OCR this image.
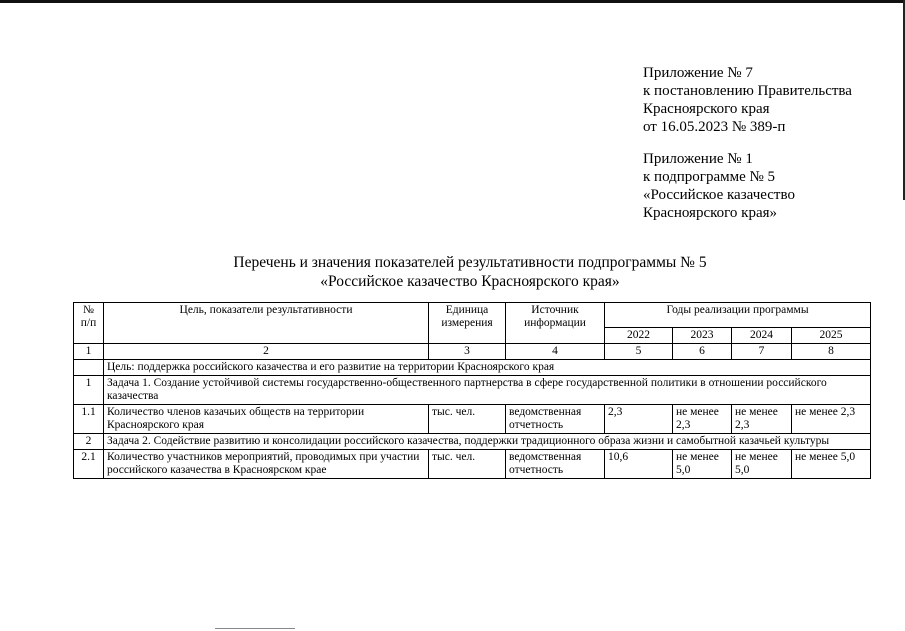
Приложение № 7
к постановлению Правительства
Красноярского края
от 16.05.2023 № 389-п
Приложение № 1
к подпрограмме № 5
«Российское казачество
Красноярского края»
Перечень и значения показателей результативности подпрограммы № 5
«Российское казачество Красноярского края»
№ п/п	Цель, показатели результативности	Единица измерения	Источник информации	Годы реализации программы			
				2022	2023	2024	2025
1	2	3	4	5	6	7	8
	Цель: поддержка российского казачества и его развитие на территории Красноярского края						
1	Задача 1. Создание устойчивой системы государственно-общественного партнерства в сфере государственной политики в отношении российского казачества						
1.1	Количество членов казачьих обществ на территории Красноярского края	тыс. чел.	ведомственная отчетность	2,3	не менее 2,3	не менее 2,3	не менее 2,3
2	Задача 2. Содействие развитию и консолидации российского казачества, поддержки традиционного образа жизни и самобытной казачьей культуры						
2.1	Количество участников мероприятий, проводимых при участии российского казачества в Красноярском крае	тыс. чел.	ведомственная отчетность	10,6	не менее 5,0	не менее 5,0	не менее 5,0
